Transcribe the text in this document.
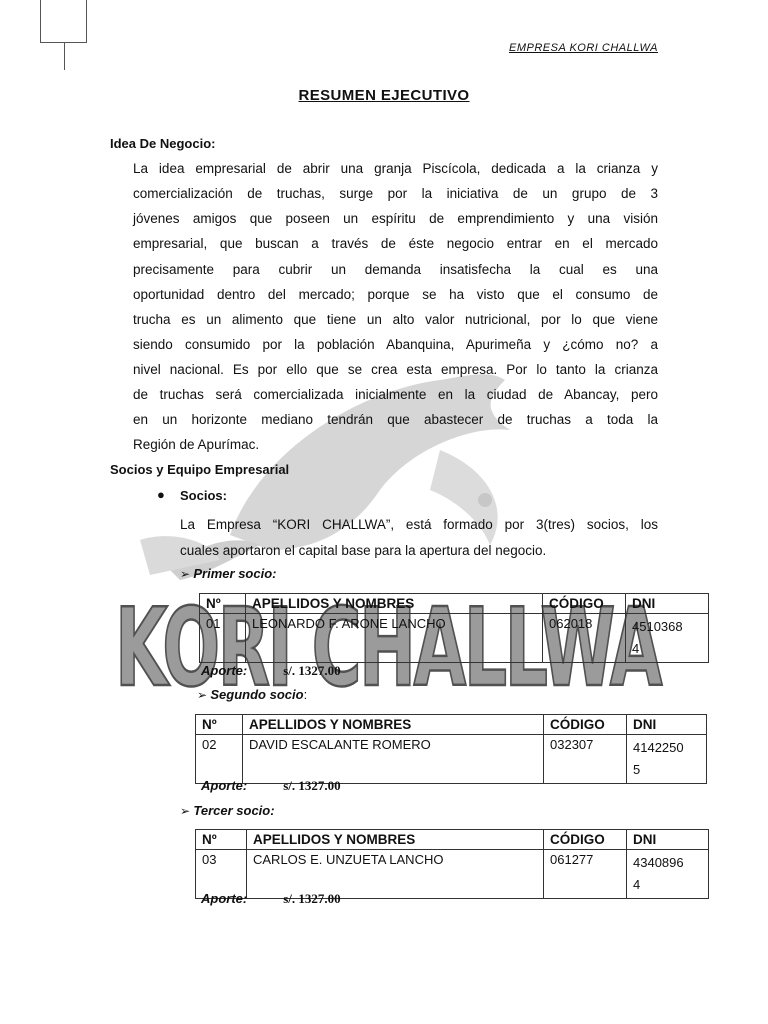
KORI CHALLWA
EMPRESA KORI CHALLWA
RESUMEN EJECUTIVO
Idea De Negocio:
La idea empresarial de abrir una granja Piscícola, dedicada a la crianza y
comercialización de truchas, surge por la iniciativa de un grupo de 3
jóvenes amigos que poseen un espíritu de emprendimiento y una visión
empresarial, que buscan a través de éste negocio entrar en el mercado
precisamente para cubrir un demanda insatisfecha la cual es una
oportunidad dentro del mercado; porque se ha visto que el consumo de
trucha es un alimento que tiene un alto valor nutricional, por lo que viene
siendo consumido por la población Abanquina, Apurimeña y ¿cómo no? a
nivel nacional. Es por ello que se crea esta empresa. Por lo tanto la crianza
de truchas será comercializada inicialmente en la ciudad de Abancay, pero
en un horizonte mediano tendrán que abastecer de truchas a toda la
Región de Apurímac.
Socios y Equipo Empresarial
● Socios:
La Empresa “KORI CHALLWA”, está formado por 3(tres) socios, los
cuales aportaron el capital base para la apertura del negocio.
➢ Primer socio:
Nº	APELLIDOS Y NOMBRES	CÓDIGO	DNI
01	LEONARDO F. ARONE LANCHO	062018	4510368
4
Aporte:	s/. 1327.00
➢ Segundo socio:
Nº	APELLIDOS Y NOMBRES	CÓDIGO	DNI
02	DAVID ESCALANTE ROMERO	032307	4142250
5
Aporte:	s/. 1327.00
➢ Tercer socio:
Nº	APELLIDOS Y NOMBRES	CÓDIGO	DNI
03	CARLOS E. UNZUETA LANCHO	061277	4340896
4
Aporte:	s/. 1327.00
